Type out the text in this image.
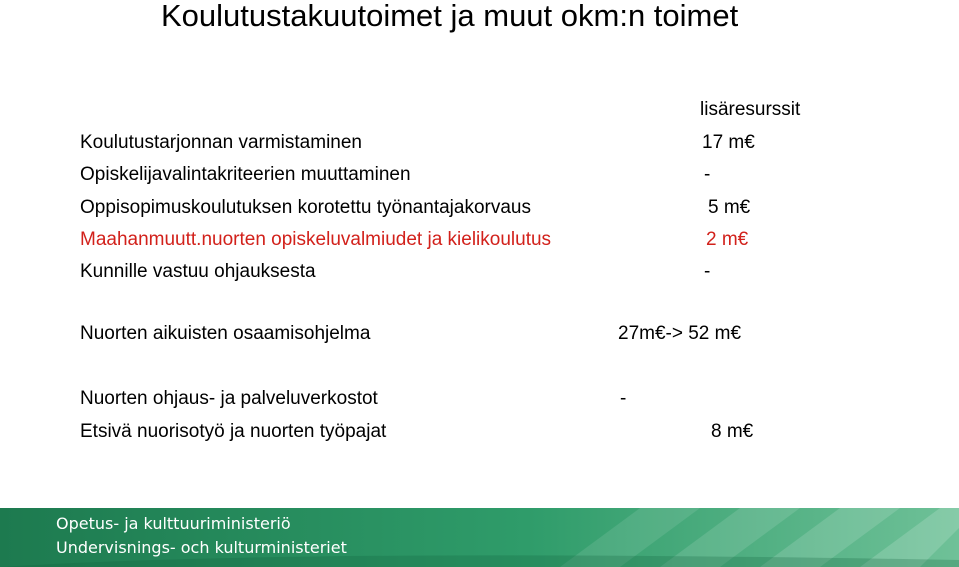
Koulutustakuutoimet ja muut okm:n toimet
lisäresurssit
Koulutustarjonnan varmistaminen	17 m€
Opiskelijavalintakriteerien muuttaminen	-
Oppisopimuskoulutuksen korotettu työnantajakorvaus	5 m€
Maahanmuutt.nuorten opiskeluvalmiudet ja kielikoulutus	2 m€
Kunnille vastuu ohjauksesta	-
Nuorten aikuisten osaamisohjelma	27m€-> 52 m€
Nuorten ohjaus- ja palveluverkostot	-
Etsivä nuorisotyö ja nuorten työpajat	8 m€
Opetus- ja kulttuuriministeriö
Undervisnings- och kulturministeriet
